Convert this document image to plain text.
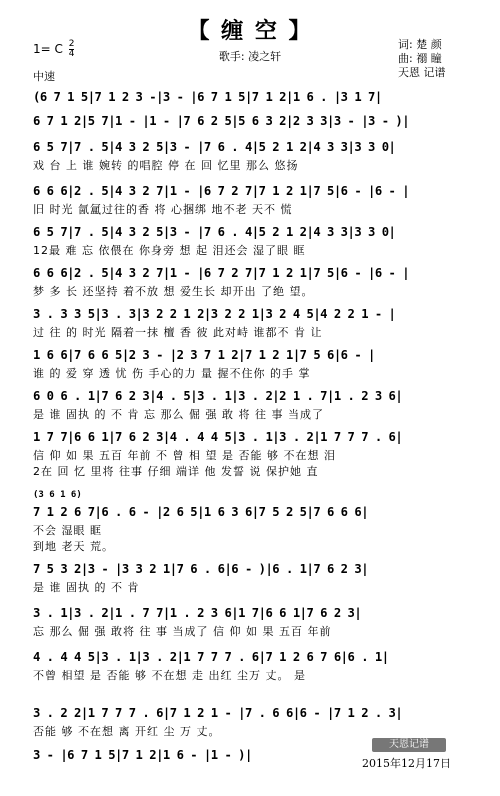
【 缠 空 】
1= C $\frac{2}{4}$	歌手: 凌之轩
词: 楚 颜
曲: 禤 瞳
天恩 记谱
中速
(6 7 1 5|7 1 2 3 -|3 - |6 7 1 5|7 1 2|1 6 . |3 1 7|
6 7 1 2|5 7|1 - |1 - |7 6 2 5|5 6 3 2|2 3 3|3 - |3 - )|
6 5 7|7 . 5|4 3 2 5|3 - |7 6 . 4|5 2 1 2|4 3 3|3 3 0|
戏 台 上 谁 婉转 的唱腔 停 在 回 忆里 那么 悠扬
6 6 6|2 . 5|4 3 2 7|1 - |6 7 2 7|7 1 2 1|7 5|6 - |6 - |
旧 时光 氤氲过往的香 将 心捆绑 地不老 天不 慌
6 5 7|7 . 5|4 3 2 5|3 - |7 6 . 4|5 2 1 2|4 3 3|3 3 0|
12最 难 忘 依偎在 你身旁 想 起 泪还会 湿了眼 眶
6 6 6|2 . 5|4 3 2 7|1 - |6 7 2 7|7 1 2 1|7 5|6 - |6 - |
梦 多 长 还坚持 着不放 想 爱生长 却开出 了绝 望。
3 . 3 3 5|3 . 3|3 2 2 1 2|3 2 2 1|3 2 4 5|4 2 2 1 - |
过 往 的 时光 隔着一抹 檀 香 彼 此对峙 谁都不 肯 让
1 6 6|7 6 6 5|2 3 - |2 3 7 1 2|7 1 2 1|7 5 6|6 - |
谁 的 爱 穿 透 忧 伤 手心的力 量 握不住你 的手 掌
6 0 6 . 1|7 6 2 3|4 . 5|3 . 1|3 . 2|2 1 . 7|1 . 2 3 6|
是 谁 固执 的 不 肯 忘 那么 倔 强 敢 将 往 事 当成了
1 7 7|6 6 1|7 6 2 3|4 . 4 4 5|3 . 1|3 . 2|1 7 7 7 . 6|
信 仰 如 果 五百 年前 不 曾 相 望 是 否能 够 不在想 泪
2在 回 忆 里将 往事 仔细 端详 他 发誓 说 保护她 直
(3 6 1 6)
7 1 2 6 7|6 . 6 - |2 6 5|1 6 3 6|7 5 2 5|7 6 6 6|
不会 湿眼 眶
到地 老天 荒。
7 5 3 2|3 - |3 3 2 1|7 6 . 6|6 - )|6 . 1|7 6 2 3|
是 谁 固执 的 不 肯
3 . 1|3 . 2|1 . 7 7|1 . 2 3 6|1 7|6 6 1|7 6 2 3|
忘 那么 倔 强 敢将 往 事 当成了 信 仰 如 果 五百 年前
4 . 4 4 5|3 . 1|3 . 2|1 7 7 7 . 6|7 1 2 6 7 6|6 . 1|
不曾 相望 是 否能 够 不在想 走 出红 尘万 丈。 是
3 . 2 2|1 7 7 7 . 6|7 1 2 1 - |7 . 6 6|6 - |7 1 2 . 3|
否能 够 不在想 离 开红 尘 万 丈。
3 - |6 7 1 5|7 1 2|1 6 - |1 - )|
天恩记谱
2015年12月17日
